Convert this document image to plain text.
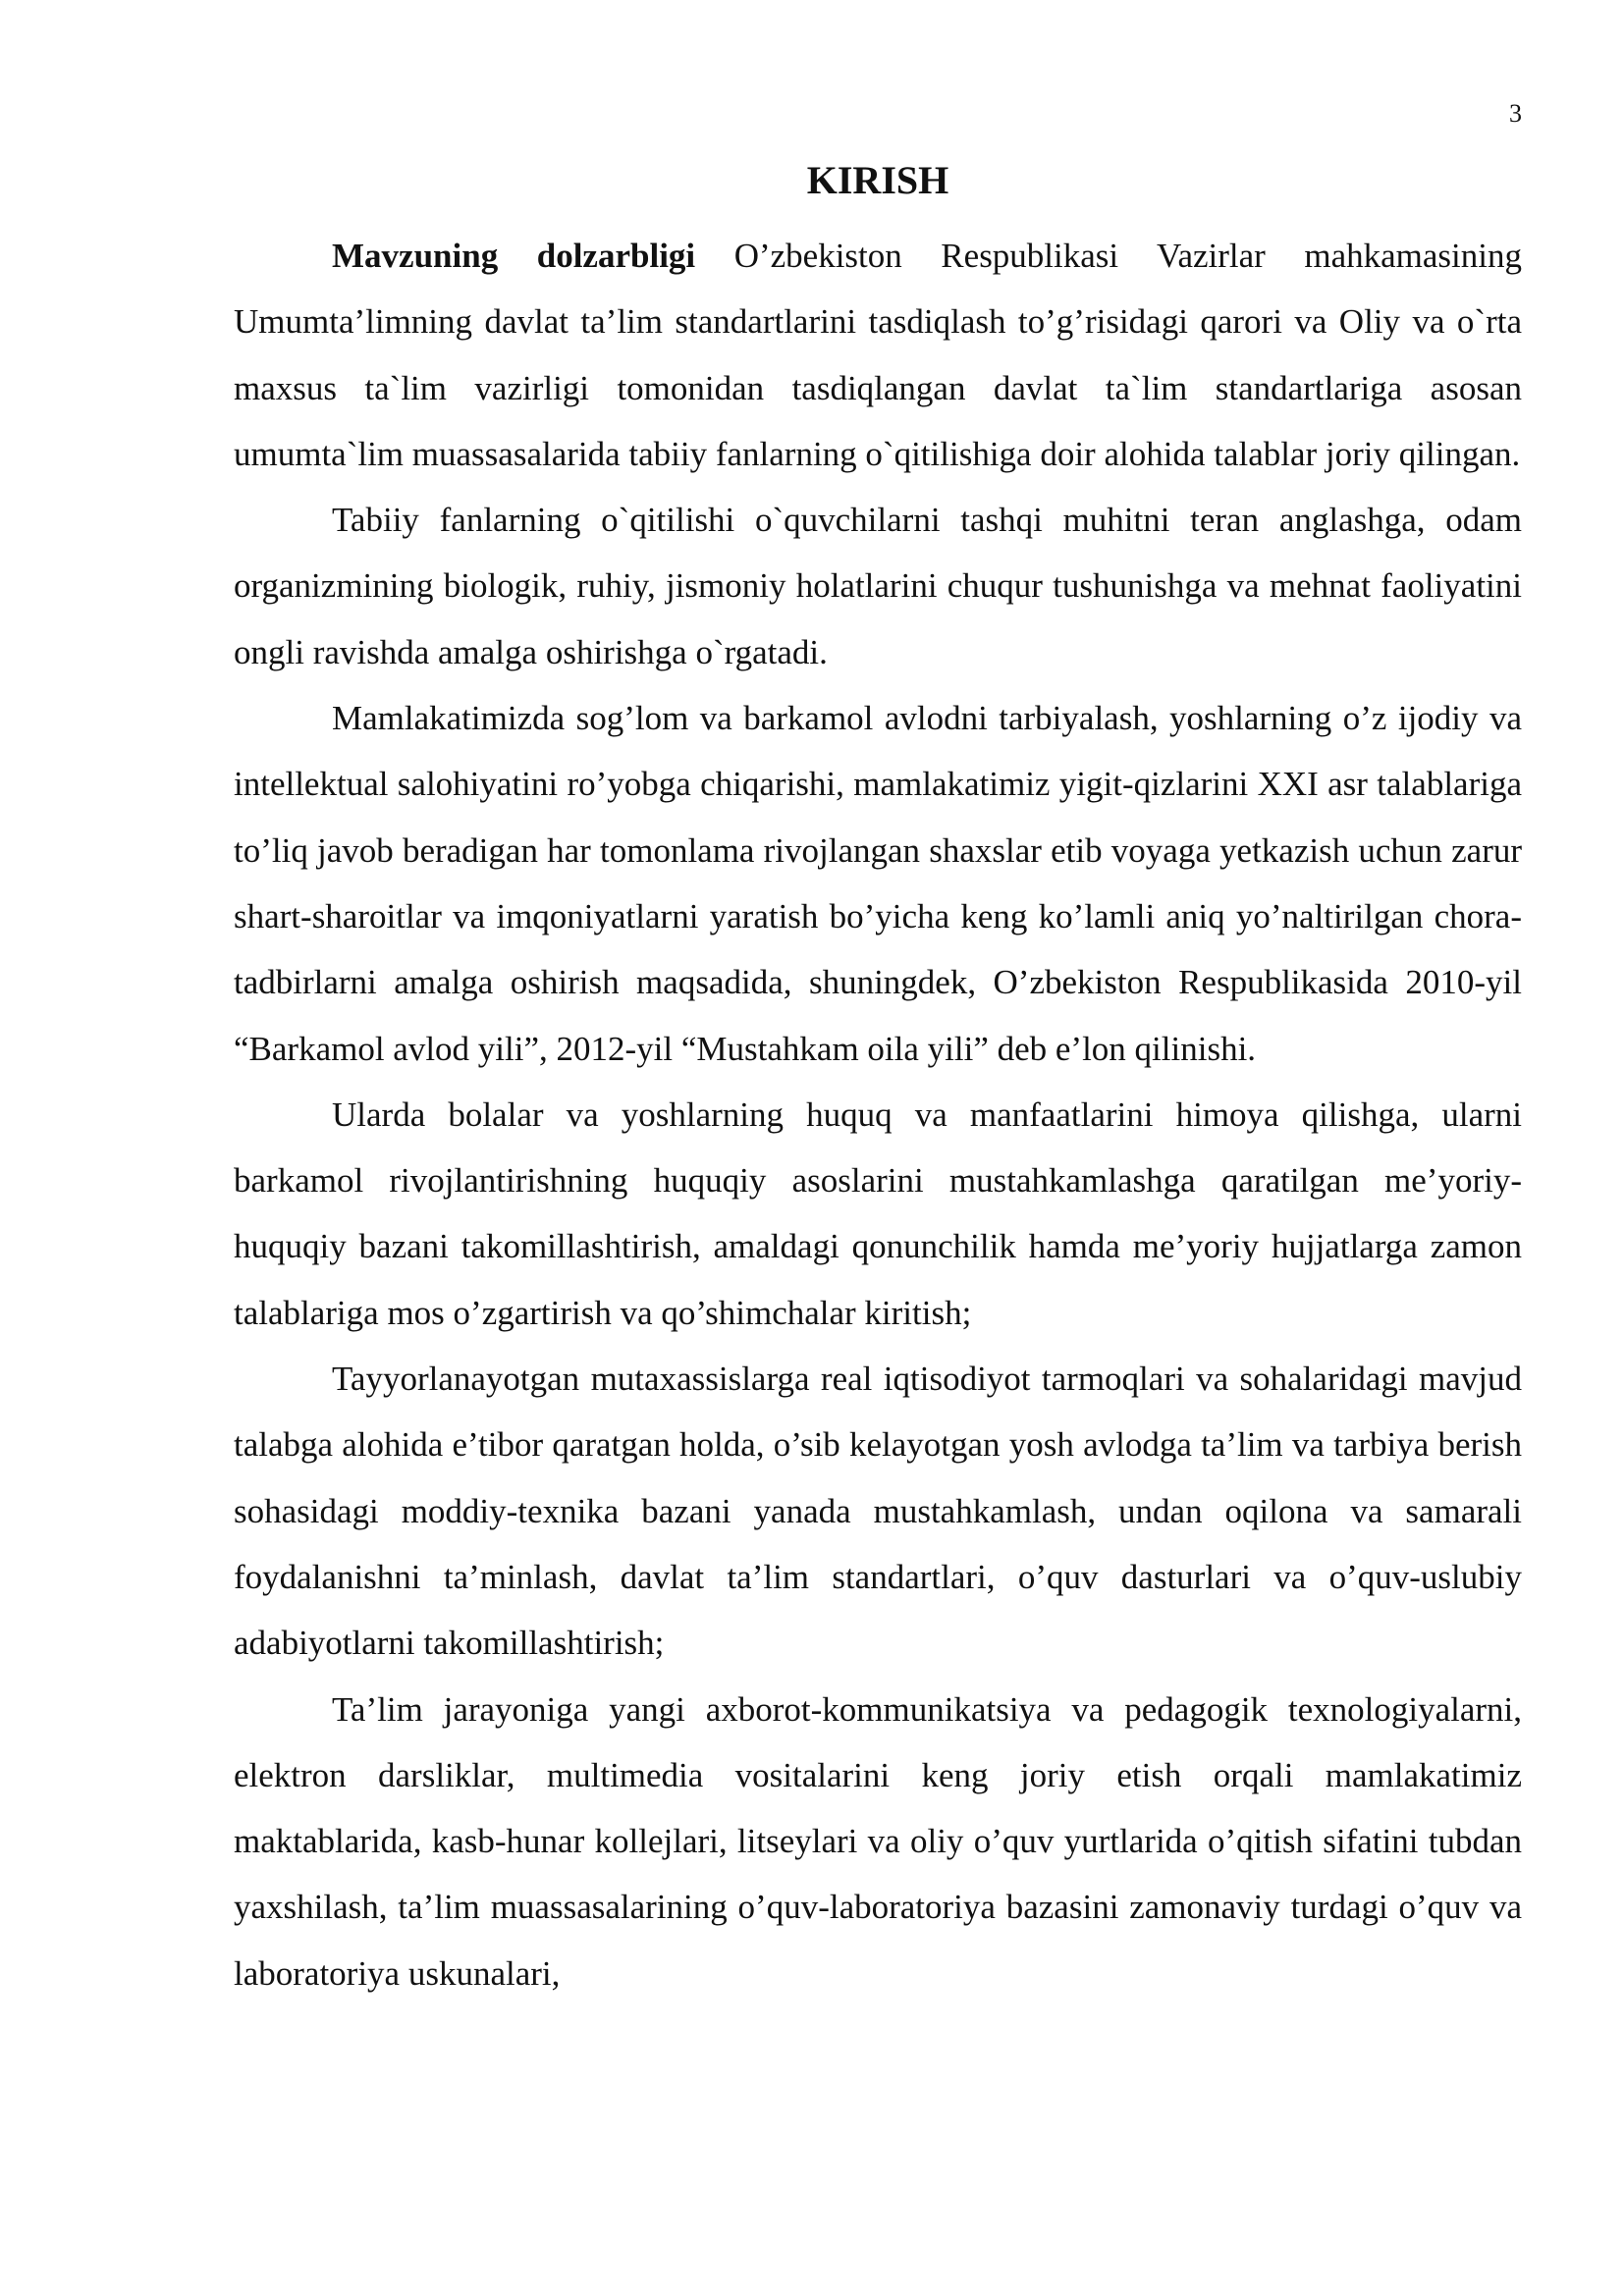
3
KIRISH

Mavzuning dolzarbligi O’zbekiston Respublikasi Vazirlar mahkamasining Umumta’limning davlat ta’lim standartlarini tasdiqlash to’g’risidagi qarori va Oliy va o`rta maxsus ta`lim vazirligi tomonidan tasdiqlangan davlat ta`lim standartlariga asosan umumta`lim muassasalarida tabiiy fanlarning o`qitilishiga doir alohida talablar joriy qilingan.

Tabiiy fanlarning o`qitilishi o`quvchilarni tashqi muhitni teran anglashga, odam organizmining biologik, ruhiy, jismoniy holatlarini chuqur tushunishga va mehnat faoliyatini ongli ravishda amalga oshirishga o`rgatadi.

Mamlakatimizda sog’lom va barkamol avlodni tarbiyalash, yoshlarning o’z ijodiy va intellektual salohiyatini ro’yobga chiqarishi, mamlakatimiz yigit-qizlarini XXI asr talablariga to’liq javob beradigan har tomonlama rivojlangan shaxslar etib voyaga yetkazish uchun zarur shart-sharoitlar va imqoniyatlarni yaratish bo’yicha keng ko’lamli aniq yo’naltirilgan chora-tadbirlarni amalga oshirish maqsadida, shuningdek, O’zbekiston Respublikasida 2010-yil “Barkamol avlod yili”, 2012-yil “Mustahkam oila yili” deb e’lon qilinishi.

Ularda bolalar va yoshlarning huquq va manfaatlarini himoya qilishga, ularni barkamol rivojlantirishning huquqiy asoslarini mustahkamlashga qaratilgan me’yoriy-huquqiy bazani takomillashtirish, amaldagi qonunchilik hamda me’yoriy hujjatlarga zamon talablariga mos o’zgartirish va qo’shimchalar kiritish;

Tayyorlanayotgan mutaxassislarga real iqtisodiyot tarmoqlari va sohalaridagi mavjud talabga alohida e’tibor qaratgan holda, o’sib kelayotgan yosh avlodga ta’lim va tarbiya berish sohasidagi moddiy-texnika bazani yanada mustahkamlash, undan oqilona va samarali foydalanishni ta’minlash, davlat ta’lim standartlari, o’quv dasturlari va o’quv-uslubiy adabiyotlarni takomillashtirish;

Ta’lim jarayoniga yangi axborot-kommunikatsiya va pedagogik texnologiyalarni, elektron darsliklar, multimedia vositalarini keng joriy etish orqali mamlakatimiz maktablarida, kasb-hunar kollejlari, litseylari va oliy o’quv yurtlarida o’qitish sifatini tubdan yaxshilash, ta’lim muassasalarining o’quv-laboratoriya bazasini zamonaviy turdagi o’quv va laboratoriya uskunalari,
